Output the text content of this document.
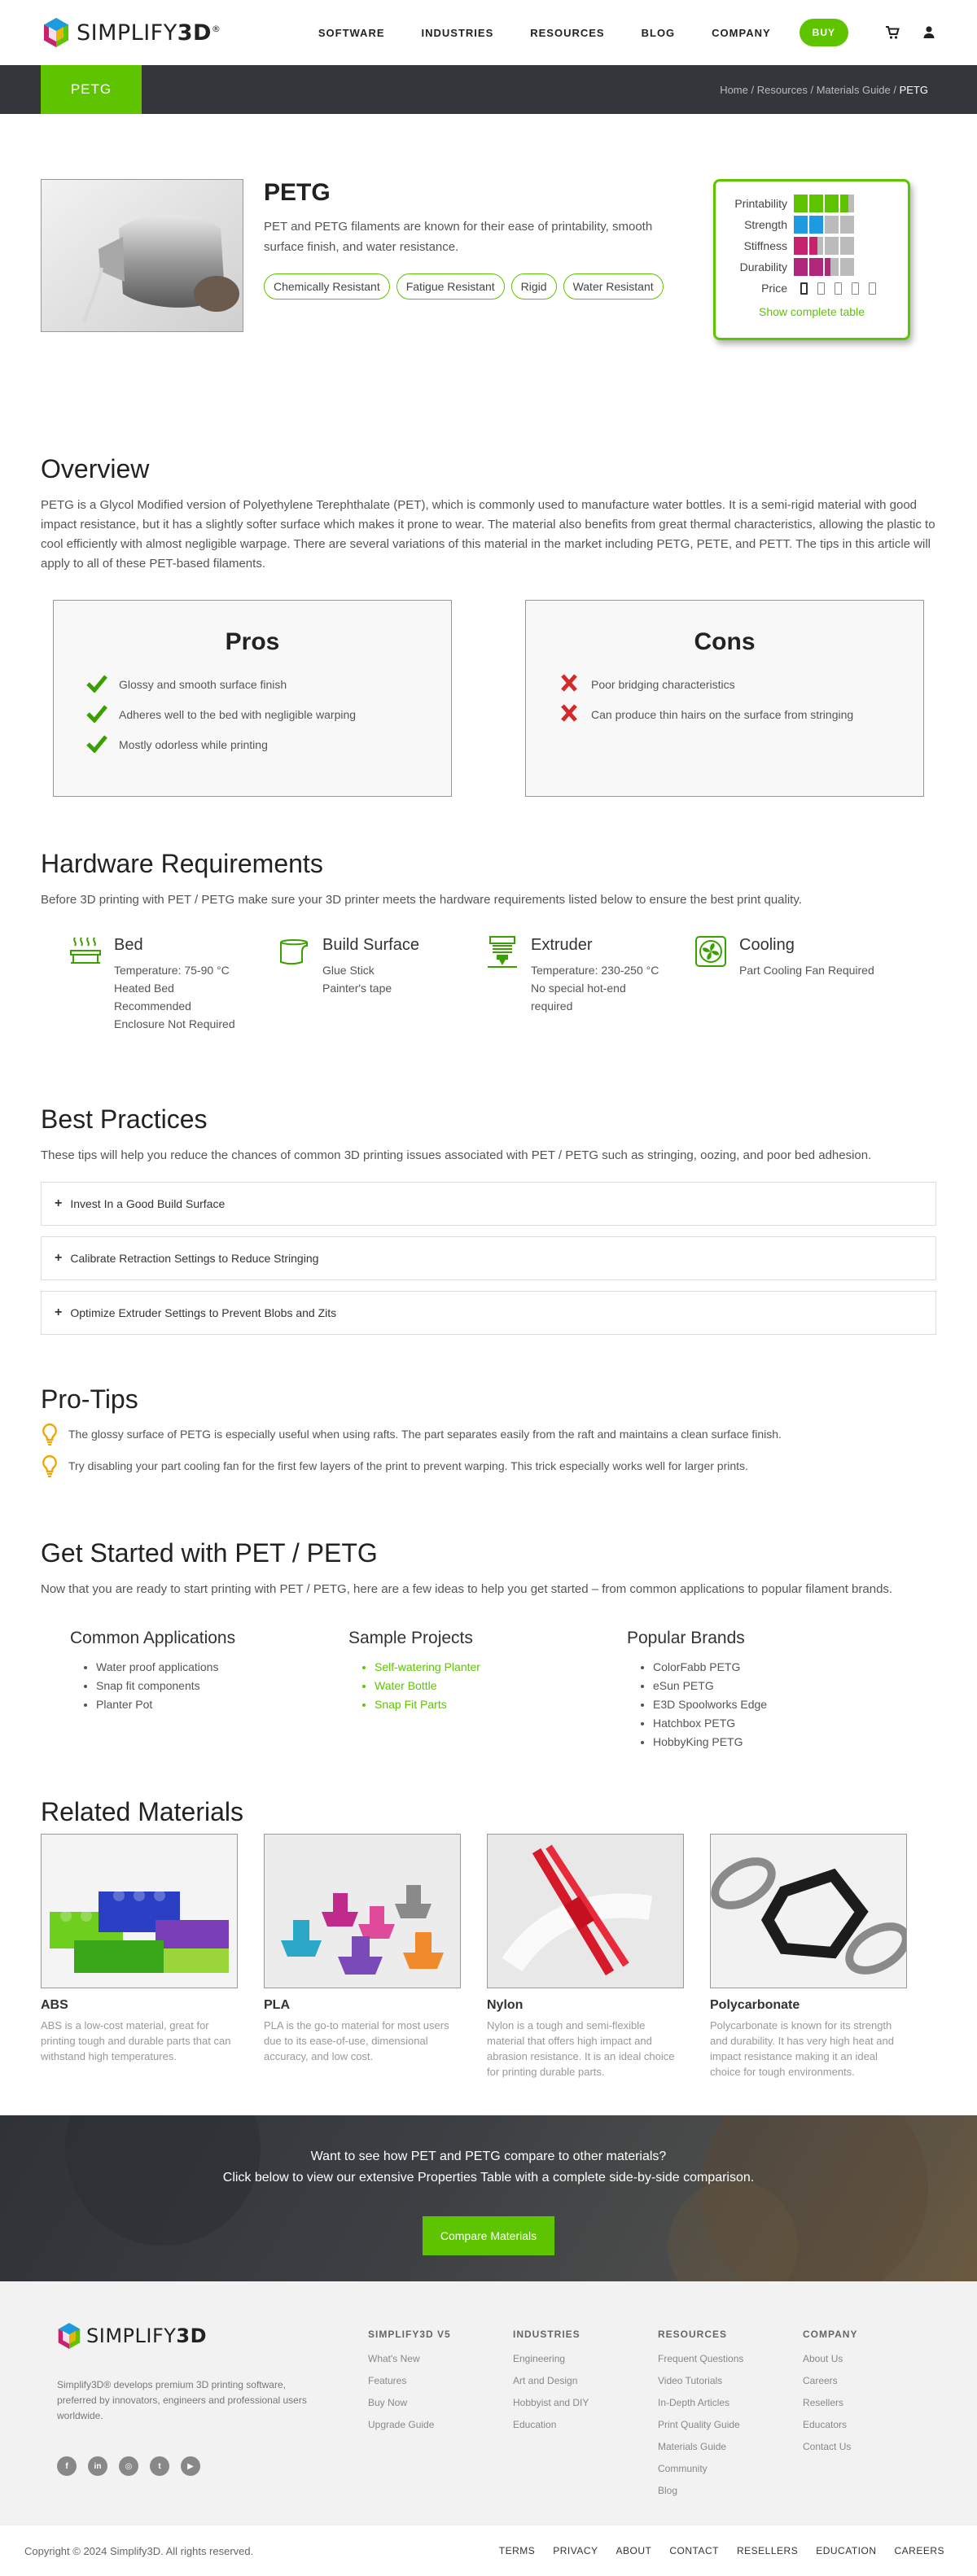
SIMPLIFY3D®	SOFTWARE	INDUSTRIES	RESOURCES	BLOG	COMPANY	BUY
PETG	Home / Resources / Materials Guide / PETG
PETG

PET and PETG filaments are known for their ease of printability, smooth surface finish, and water resistance.

Chemically Resistant	Fatigue Resistant	Rigid	Water Resistant
Printability
Strength
Stiffness
Durability
Price
Show complete table
Overview

PETG is a Glycol Modified version of Polyethylene Terephthalate (PET), which is commonly used to manufacture water bottles. It is a semi-rigid material with good impact resistance, but it has a slightly softer surface which makes it prone to wear. The material also benefits from great thermal characteristics, allowing the plastic to cool efficiently with almost negligible warpage. There are several variations of this material in the market including PETG, PETE, and PETT. The tips in this article will apply to all of these PET-based filaments.

Pros
Glossy and smooth surface finish
Adheres well to the bed with negligible warping
Mostly odorless while printing
Cons
Poor bridging characteristics
Can produce thin hairs on the surface from stringing
Hardware Requirements

Before 3D printing with PET / PETG make sure your 3D printer meets the hardware requirements listed below to ensure the best print quality.

Bed
Temperature: 75-90 °C
Heated Bed Recommended
Enclosure Not Required
Build Surface
Glue Stick
Painter's tape
Extruder
Temperature: 230-250 °C
No special hot-end required
Cooling
Part Cooling Fan Required
Best Practices

These tips will help you reduce the chances of common 3D printing issues associated with PET / PETG such as stringing, oozing, and poor bed adhesion.

+ Invest In a Good Build Surface
+ Calibrate Retraction Settings to Reduce Stringing
+ Optimize Extruder Settings to Prevent Blobs and Zits
Pro-Tips
The glossy surface of PETG is especially useful when using rafts. The part separates easily from the raft and maintains a clean surface finish.
Try disabling your part cooling fan for the first few layers of the print to prevent warping. This trick especially works well for larger prints.
Get Started with PET / PETG

Now that you are ready to start printing with PET / PETG, here are a few ideas to help you get started – from common applications to popular filament brands.

Common Applications
• Water proof applications
• Snap fit components
• Planter Pot
Sample Projects
• Self-watering Planter
• Water Bottle
• Snap Fit Parts
Popular Brands
• ColorFabb PETG
• eSun PETG
• E3D Spoolworks Edge
• Hatchbox PETG
• HobbyKing PETG
Related Materials
ABS
ABS is a low-cost material, great for printing tough and durable parts that can withstand high temperatures.
PLA
PLA is the go-to material for most users due to its ease-of-use, dimensional accuracy, and low cost.
Nylon
Nylon is a tough and semi-flexible material that offers high impact and abrasion resistance. It is an ideal choice for printing durable parts.
Polycarbonate
Polycarbonate is known for its strength and durability. It has very high heat and impact resistance making it an ideal choice for tough environments.
Want to see how PET and PETG compare to other materials?
Click below to view our extensive Properties Table with a complete side-by-side comparison.
Compare Materials
SIMPLIFY3D

Simplify3D® develops premium 3D printing software, preferred by innovators, engineers and professional users worldwide.

f	in	◎	t	▶
SIMPLIFY3D V5
What's New
Features
Buy Now
Upgrade Guide
INDUSTRIES
Engineering
Art and Design
Hobbyist and DIY
Education
RESOURCES
Frequent Questions
Video Tutorials
In-Depth Articles
Print Quality Guide
Materials Guide
Community
Blog
COMPANY
About Us
Careers
Resellers
Educators
Contact Us
Copyright © 2024 Simplify3D. All rights reserved.	TERMS PRIVACY ABOUT CONTACT RESELLERS EDUCATION CAREERS
